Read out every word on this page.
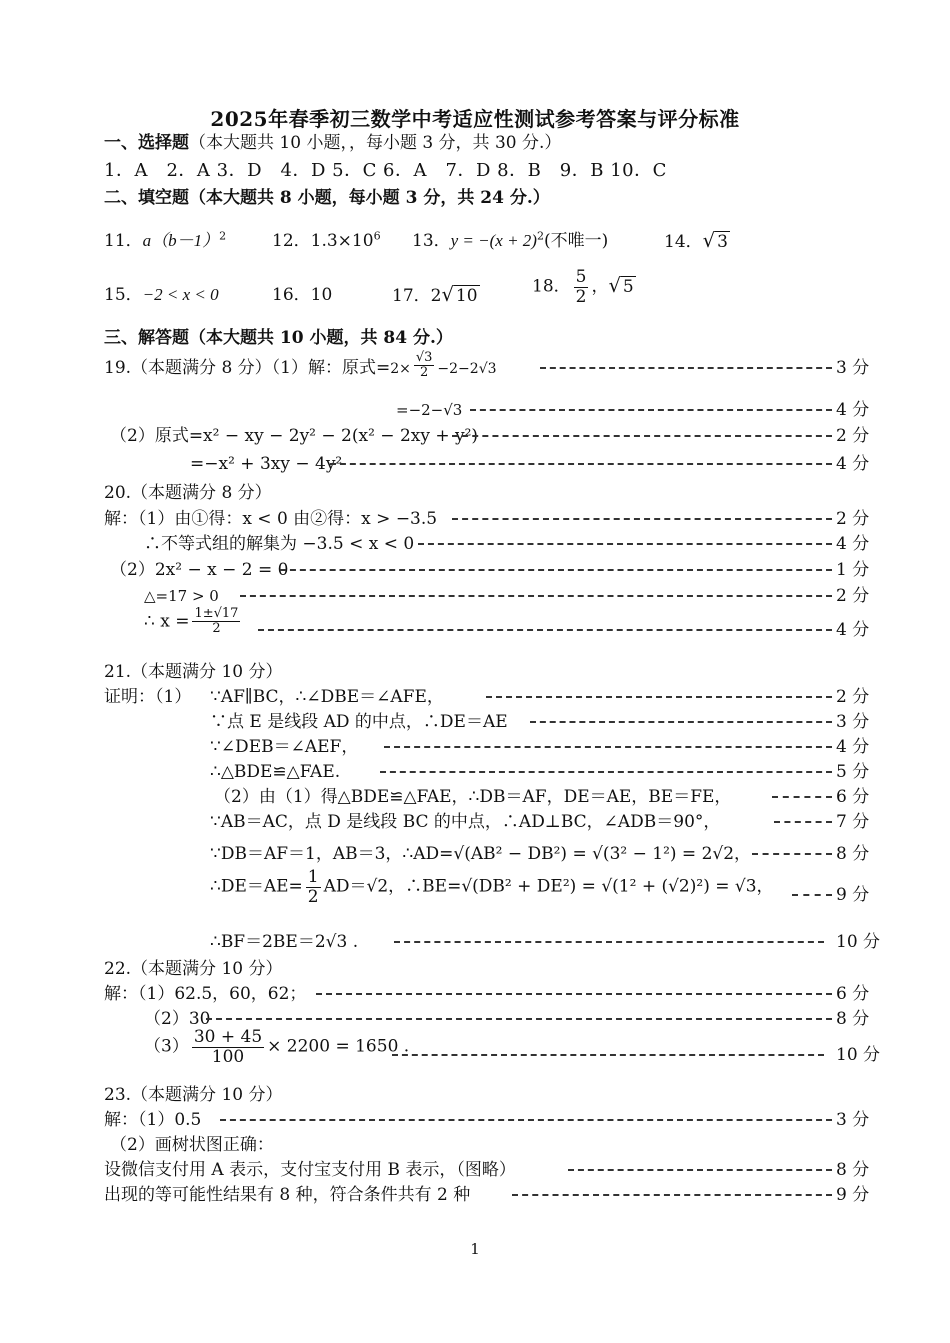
2025年春季初三数学中考适应性测试参考答案与评分标准
一、选择题（本大题共 10 小题，，每小题 3 分，共 30 分.）
1．A　2．A 3．D　4．D 5．C 6．A　7．D 8．B　9．B 10．C
二、填空题（本大题共 8 小题，每小题 3 分，共 24 分.）
11．$a(b-1)^2$	12．$1.3\times 10^6$ 13．$y = -(x + 2)^2$(不唯一)	14．√ 3
15．−2 < x < 0	16．10	17．2√ 10	18． $\frac{5}{2}$ ，√ 5
三、解答题（本大题共 10 小题，共 84 分.）
19.（本题满分 8 分）（1）解：原式$=2\times \frac{√3}{2} -2-2√3$	3 分
=−2−√3	4 分
（2）原式=x² − xy − 2y² − 2(x² − 2xy + y²)	2 分
=−x² + 3xy − 4y²	4 分
20.（本题满分 8 分）
解：（1）由①得：x < 0 由②得：x > −3.5	2 分
∴不等式组的解集为 −3.5 < x < 0	4 分
（2）2x² − x − 2 = 0	1 分
△=17 > 0	2 分
∴ $x = \frac{1\pm√17}{2}$	4 分
21.（本题满分 10 分）
证明：（1） ∵AF∥BC，∴∠DBE＝∠AFE，	2 分
∵点 E 是线段 AD 的中点，∴DE＝AE	3 分
∵∠DEB＝∠AEF，	4 分
∴△BDE≌△FAE.	5 分
（2）由（1）得△BDE≌△FAE，∴DB＝AF，DE＝AE，BE＝FE，	6 分
∵AB＝AC，点 D 是线段 BC 的中点，∴AD⊥BC，∠ADB＝90°，	7 分
∵DB＝AF＝1，AB＝3，∴AD=√(AB² − DB²) = √(3² − 1²) = 2√2，	8 分
∴DE＝AE= $\frac{1}{2} AD=√2$，∴BE=√(DB² + DE²) = √(1² + (√2)²) = √3，	9 分
∴BF＝2BE＝2√3 .	10 分
22.（本题满分 10 分）
解：（1）62.5，60，62；	6 分
（2）30	8 分
$(3) \frac{30 + 45}{100} \times 2200 = 1650$ .	10 分
23.（本题满分 10 分）
解：（1）0.5	3 分
（2）画树状图正确：
设微信支付用 A 表示，支付宝支付用 B 表示，（图略）	8 分
出现的等可能性结果有 8 种，符合条件共有 2 种	9 分
1
